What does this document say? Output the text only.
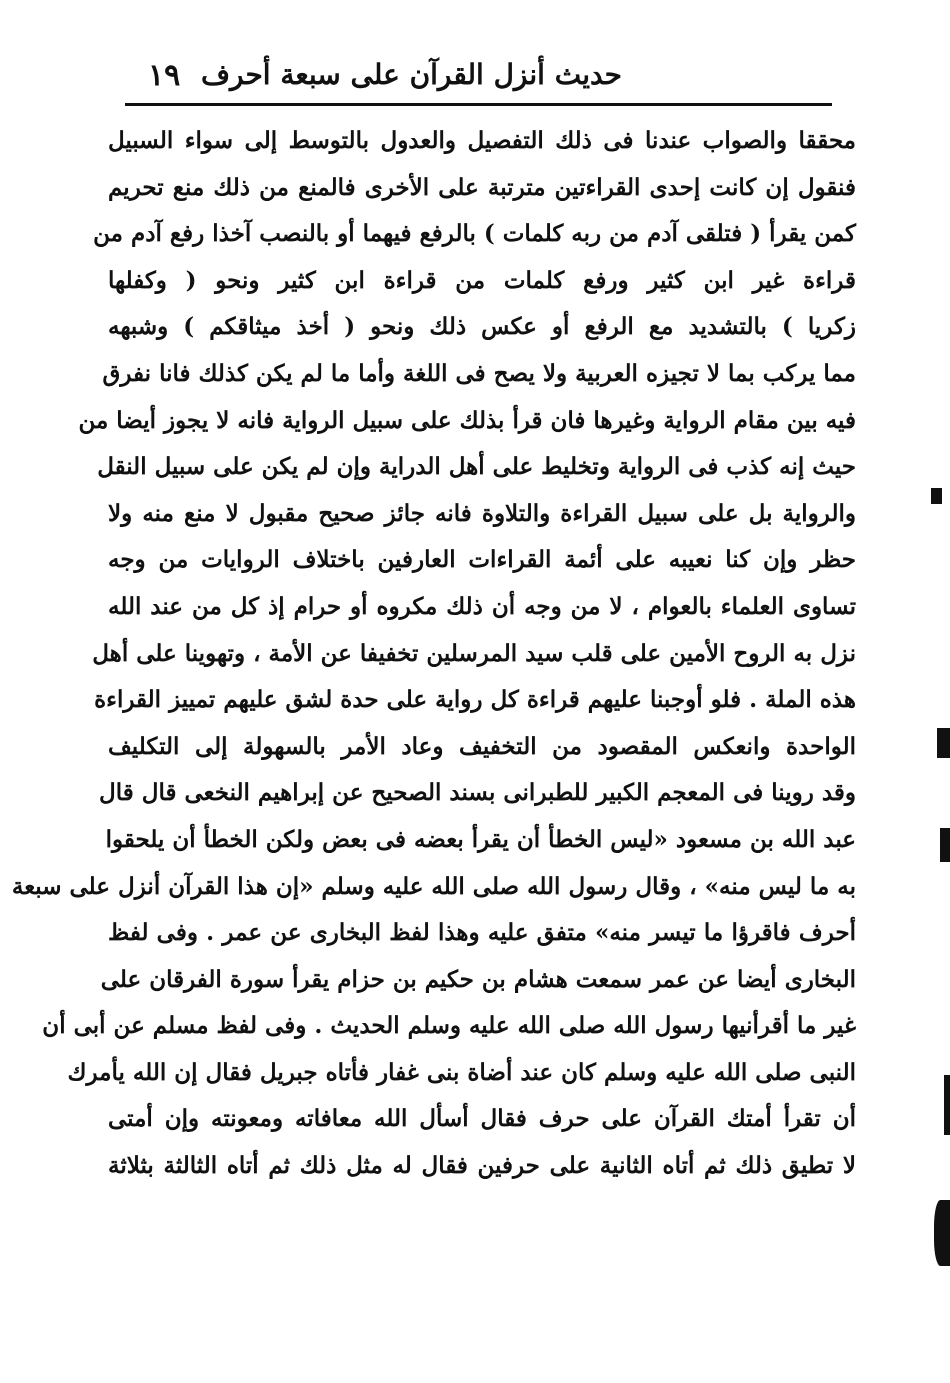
١٩ حديث أنزل القرآن على سبعة أحرف
محققا والصواب عندنا فى ذلك التفصيل والعدول بالتوسط إلى سواء السبيل
فنقول إن كانت إحدى القراءتين مترتبة على الأخرى فالمنع من ذلك منع تحريم
كمن يقرأ ( فتلقى آدم من ربه كلمات ) بالرفع فيهما أو بالنصب آخذا رفع آدم من
قراءة غير ابن كثير ورفع كلمات من قراءة ابن كثير ونحو ( وكفلها
زكريا ) بالتشديد مع الرفع أو عكس ذلك ونحو ( أخذ ميثاقكم ) وشبهه
مما يركب بما لا تجيزه العربية ولا يصح فى اللغة وأما ما لم يكن كذلك فانا نفرق
فيه بين مقام الرواية وغيرها فان قرأ بذلك على سبيل الرواية فانه لا يجوز أيضا من
حيث إنه كذب فى الرواية وتخليط على أهل الدراية وإن لم يكن على سبيل النقل
والرواية بل على سبيل القراءة والتلاوة فانه جائز صحيح مقبول لا منع منه ولا
حظر وإن كنا نعيبه على أئمة القراءات العارفين باختلاف الروايات من وجه
تساوى العلماء بالعوام ، لا من وجه أن ذلك مكروه أو حرام إذ كل من عند الله
نزل به الروح الأمين على قلب سيد المرسلين تخفيفا عن الأمة ، وتهوينا على أهل
هذه الملة . فلو أوجبنا عليهم قراءة كل رواية على حدة لشق عليهم تمييز القراءة
الواحدة وانعكس المقصود من التخفيف وعاد الأمر بالسهولة إلى التكليف
وقد روينا فى المعجم الكبير للطبرانى بسند الصحيح عن إبراهيم النخعى قال قال
عبد الله بن مسعود «ليس الخطأ أن يقرأ بعضه فى بعض ولكن الخطأ أن يلحقوا
به ما ليس منه» ، وقال رسول الله صلى الله عليه وسلم «إن هذا القرآن أنزل على سبعة
أحرف فاقرؤا ما تيسر منه» متفق عليه وهذا لفظ البخارى عن عمر . وفى لفظ
البخارى أيضا عن عمر سمعت هشام بن حكيم بن حزام يقرأ سورة الفرقان على
غير ما أقرأنيها رسول الله صلى الله عليه وسلم الحديث . وفى لفظ مسلم عن أبى أن
النبى صلى الله عليه وسلم كان عند أضاة بنى غفار فأتاه جبريل فقال إن الله يأمرك
أن تقرأ أمتك القرآن على حرف فقال أسأل الله معافاته ومعونته وإن أمتى
لا تطيق ذلك ثم أتاه الثانية على حرفين فقال له مثل ذلك ثم أتاه الثالثة بثلاثة
